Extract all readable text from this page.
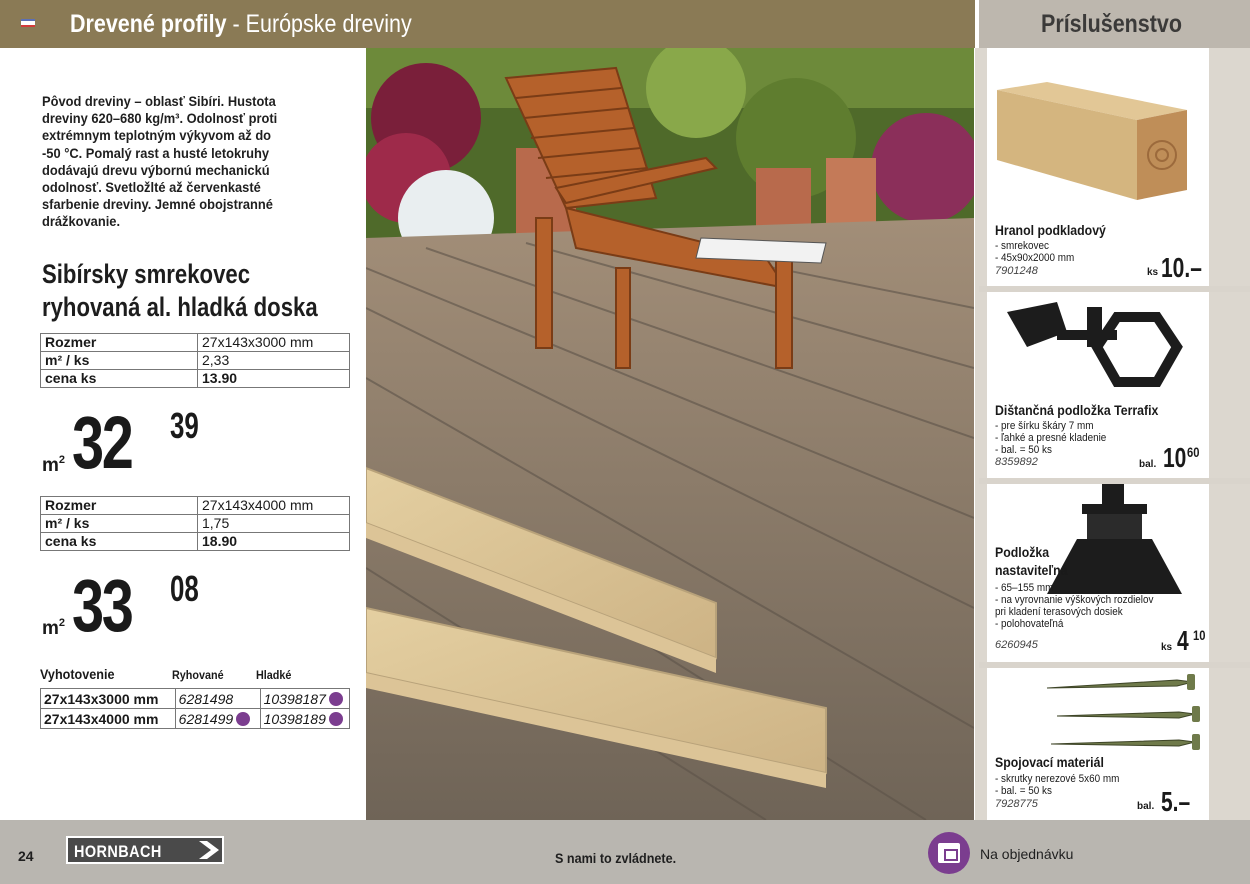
Drevené profily - Európske dreviny	Príslušenstvo
Pôvod dreviny – oblasť Sibíri. Hustota
dreviny 620–680 kg/m³. Odolnosť proti
extrémnym teplotným výkyvom až do
-50 °C. Pomalý rast a husté letokruhy
dodávajú drevu výbornú mechanickú
odolnosť. Svetložlté až červenkasté
sfarbenie dreviny. Jemné obojstranné
drážkovanie.
Sibírsky smrekovec
ryhovaná al. hladká doska
Rozmer	27x143x3000 mm
m² / ks	2,33
cena ks	13.90
$m^2$ 32 39
Rozmer	27x143x4000 mm
m² / ks	1,75
cena ks	18.90
$m^2$ 33 08
Vyhotovenie	Ryhované	Hladké
27x143x3000 mm	6281498	10398187
27x143x4000 mm	6281499	10398189
Hranol podkladový
- smrekovec
- 45x90x2000 mm
7901248	ks 10.–
Dištančná podložka Terrafix
- pre šírku škáry 7 mm
- ľahké a presné kladenie
- bal. = 50 ks
8359892	bal. 10 60
Podložka
nastaviteľná
- 65–155 mm
- na vyrovnanie výškových rozdielov
pri kladení terasových dosiek
- polohovateľná
6260945	ks 4 10
Spojovací materiál
- skrutky nerezové 5x60 mm
- bal. = 50 ks
7928775	bal. 5.–
24 HORNBACH	S nami to zvládnete.	Na objednávku
